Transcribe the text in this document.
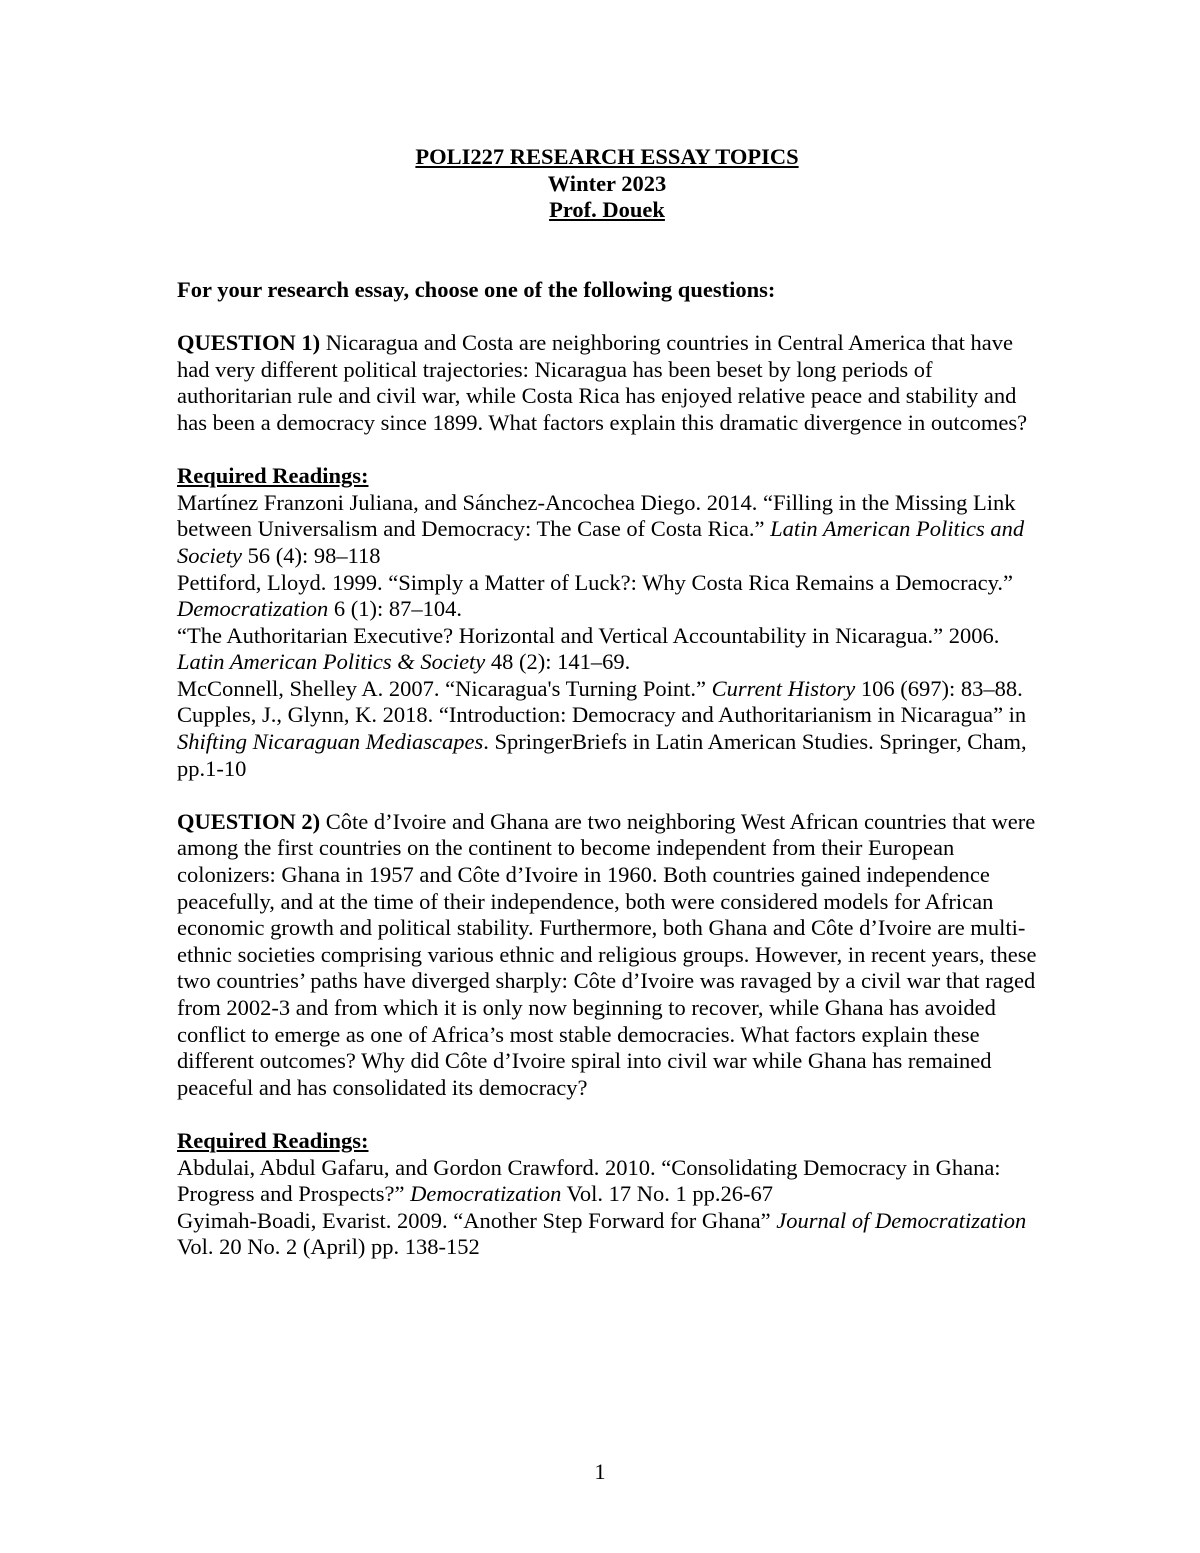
POLI227 RESEARCH ESSAY TOPICS
Winter 2023
Prof. Douek

For your research essay, choose one of the following questions:

QUESTION 1) Nicaragua and Costa are neighboring countries in Central America that have had very different political trajectories: Nicaragua has been beset by long periods of authoritarian rule and civil war, while Costa Rica has enjoyed relative peace and stability and has been a democracy since 1899. What factors explain this dramatic divergence in outcomes?

Required Readings:

Martínez Franzoni Juliana, and Sánchez-Ancochea Diego. 2014. “Filling in the Missing Link between Universalism and Democracy: The Case of Costa Rica.” Latin American Politics and Society 56 (4): 98–118

Pettiford, Lloyd. 1999. “Simply a Matter of Luck?: Why Costa Rica Remains a Democracy.” Democratization 6 (1): 87–104.

“The Authoritarian Executive? Horizontal and Vertical Accountability in Nicaragua.” 2006. Latin American Politics & Society 48 (2): 141–69.

McConnell, Shelley A. 2007. “Nicaragua's Turning Point.” Current History 106 (697): 83–88.

Cupples, J., Glynn, K. 2018. “Introduction: Democracy and Authoritarianism in Nicaragua” in Shifting Nicaraguan Mediascapes. SpringerBriefs in Latin American Studies. Springer, Cham, pp.1-10

QUESTION 2) Côte d’Ivoire and Ghana are two neighboring West African countries that were among the first countries on the continent to become independent from their European colonizers: Ghana in 1957 and Côte d’Ivoire in 1960. Both countries gained independence peacefully, and at the time of their independence, both were considered models for African economic growth and political stability. Furthermore, both Ghana and Côte d’Ivoire are multi-ethnic societies comprising various ethnic and religious groups. However, in recent years, these two countries’ paths have diverged sharply: Côte d’Ivoire was ravaged by a civil war that raged from 2002-3 and from which it is only now beginning to recover, while Ghana has avoided conflict to emerge as one of Africa’s most stable democracies. What factors explain these different outcomes? Why did Côte d’Ivoire spiral into civil war while Ghana has remained peaceful and has consolidated its democracy?

Required Readings:

Abdulai, Abdul Gafaru, and Gordon Crawford. 2010. “Consolidating Democracy in Ghana: Progress and Prospects?” Democratization Vol. 17 No. 1 pp.26-67

Gyimah-Boadi, Evarist. 2009. “Another Step Forward for Ghana” Journal of Democratization Vol. 20 No. 2 (April) pp. 138-152

1
